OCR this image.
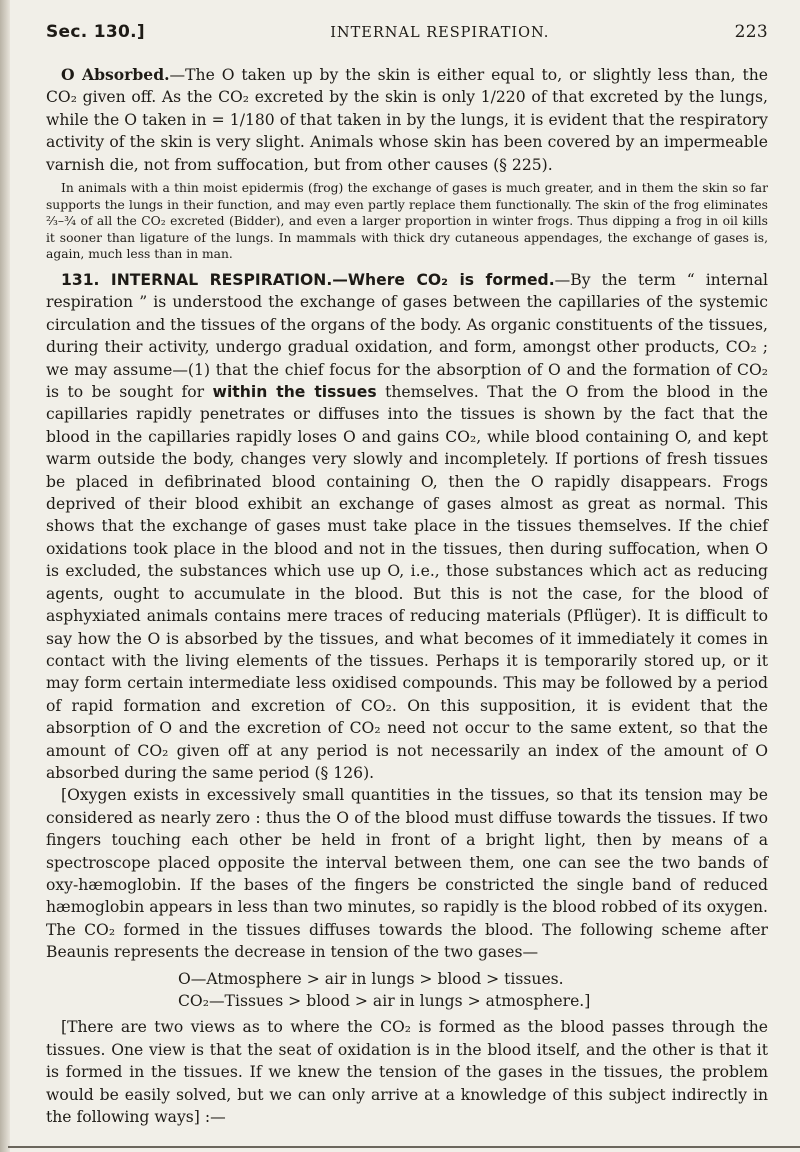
Sec. 130.]	INTERNAL RESPIRATION.	223

O Absorbed.—The O taken up by the skin is either equal to, or slightly less than, the CO₂ given off. As the CO₂ excreted by the skin is only 1/220 of that excreted by the lungs, while the O taken in = 1/180 of that taken in by the lungs, it is evident that the respiratory activity of the skin is very slight. Animals whose skin has been covered by an impermeable varnish die, not from suffocation, but from other causes (§ 225).

In animals with a thin moist epidermis (frog) the exchange of gases is much greater, and in them the skin so far supports the lungs in their function, and may even partly replace them functionally. The skin of the frog eliminates ⅔–¾ of all the CO₂ excreted (Bidder), and even a larger proportion in winter frogs. Thus dipping a frog in oil kills it sooner than ligature of the lungs. In mammals with thick dry cutaneous appendages, the exchange of gases is, again, much less than in man.

131. INTERNAL RESPIRATION.—Where CO₂ is formed.—By the term “ internal respiration ” is understood the exchange of gases between the capillaries of the systemic circulation and the tissues of the organs of the body. As organic constituents of the tissues, during their activity, undergo gradual oxidation, and form, amongst other products, CO₂ ; we may assume—(1) that the chief focus for the absorption of O and the formation of CO₂ is to be sought for within the tissues themselves. That the O from the blood in the capillaries rapidly penetrates or diffuses into the tissues is shown by the fact that the blood in the capillaries rapidly loses O and gains CO₂, while blood containing O, and kept warm outside the body, changes very slowly and incompletely. If portions of fresh tissues be placed in defibrinated blood containing O, then the O rapidly disappears. Frogs deprived of their blood exhibit an exchange of gases almost as great as normal. This shows that the exchange of gases must take place in the tissues themselves. If the chief oxidations took place in the blood and not in the tissues, then during suffocation, when O is excluded, the substances which use up O, i.e., those substances which act as reducing agents, ought to accumulate in the blood. But this is not the case, for the blood of asphyxiated animals contains mere traces of reducing materials (Pflüger). It is difficult to say how the O is absorbed by the tissues, and what becomes of it immediately it comes in contact with the living elements of the tissues. Perhaps it is temporarily stored up, or it may form certain intermediate less oxidised compounds. This may be followed by a period of rapid formation and excretion of CO₂. On this supposition, it is evident that the absorption of O and the excretion of CO₂ need not occur to the same extent, so that the amount of CO₂ given off at any period is not necessarily an index of the amount of O absorbed during the same period (§ 126).

[Oxygen exists in excessively small quantities in the tissues, so that its tension may be considered as nearly zero : thus the O of the blood must diffuse towards the tissues. If two fingers touching each other be held in front of a bright light, then by means of a spectroscope placed opposite the interval between them, one can see the two bands of oxy-hæmoglobin. If the bases of the fingers be constricted the single band of reduced hæmoglobin appears in less than two minutes, so rapidly is the blood robbed of its oxygen. The CO₂ formed in the tissues diffuses towards the blood. The following scheme after Beaunis represents the decrease in tension of the two gases—

O—Atmosphere > air in lungs > blood > tissues.
CO₂—Tissues > blood > air in lungs > atmosphere.]

[There are two views as to where the CO₂ is formed as the blood passes through the tissues. One view is that the seat of oxidation is in the blood itself, and the other is that it is formed in the tissues. If we knew the tension of the gases in the tissues, the problem would be easily solved, but we can only arrive at a knowledge of this subject indirectly in the following ways] :—
